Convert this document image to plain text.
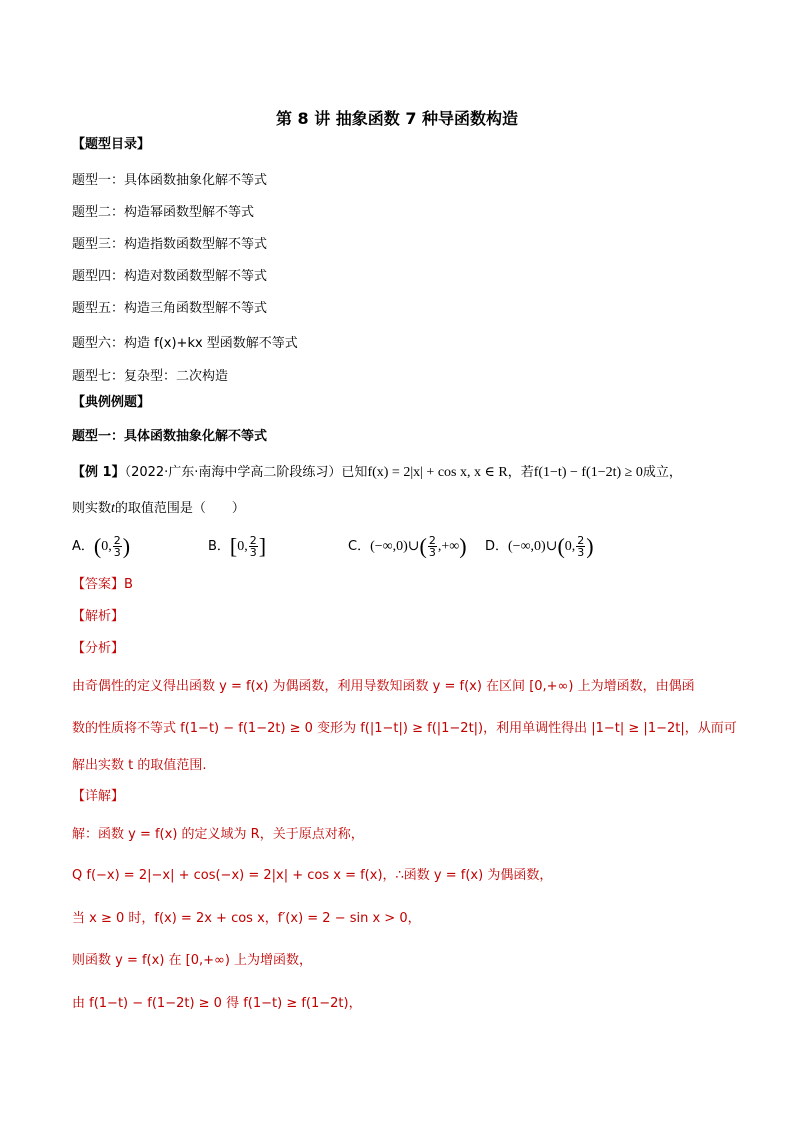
第 8 讲 抽象函数 7 种导函数构造
【题型目录】
题型一：具体函数抽象化解不等式
题型二：构造幂函数型解不等式
题型三：构造指数函数型解不等式
题型四：构造对数函数型解不等式
题型五：构造三角函数型解不等式
题型六：构造 f(x)+kx 型函数解不等式
题型七：复杂型：二次构造
【典例例题】
题型一：具体函数抽象化解不等式
【例 1】（2022·广东·南海中学高二阶段练习）已知f(x) = 2|x| + cos x, x ∈ R，若f(1−t) − f(1−2t) ≥ 0成立，
则实数t的取值范围是（　　）
A．(0, $\frac{2}{3}$ )	B．[0, $\frac{2}{3}$ ]	C．(−∞,0)∪( $\frac{2}{3}$ ,+∞) D．(−∞,0)∪(0, $\frac{2}{3}$ )
【答案】B
【解析】
【分析】
由奇偶性的定义得出函数 y = f(x) 为偶函数，利用导数知函数 y = f(x) 在区间 [0,+∞) 上为增函数，由偶函
数的性质将不等式 f(1−t) − f(1−2t) ≥ 0 变形为 f(|1−t|) ≥ f(|1−2t|)，利用单调性得出 |1−t| ≥ |1−2t|，从而可
解出实数 t 的取值范围.
【详解】
解：函数 y = f(x) 的定义域为 R，关于原点对称，
Q f(−x) = 2|−x| + cos(−x) = 2|x| + cos x = f(x)，∴函数 y = f(x) 为偶函数，
当 x ≥ 0 时，f(x) = 2x + cos x，f′(x) = 2 − sin x > 0，
则函数 y = f(x) 在 [0,+∞) 上为增函数，
由 f(1−t) − f(1−2t) ≥ 0 得 f(1−t) ≥ f(1−2t)，
